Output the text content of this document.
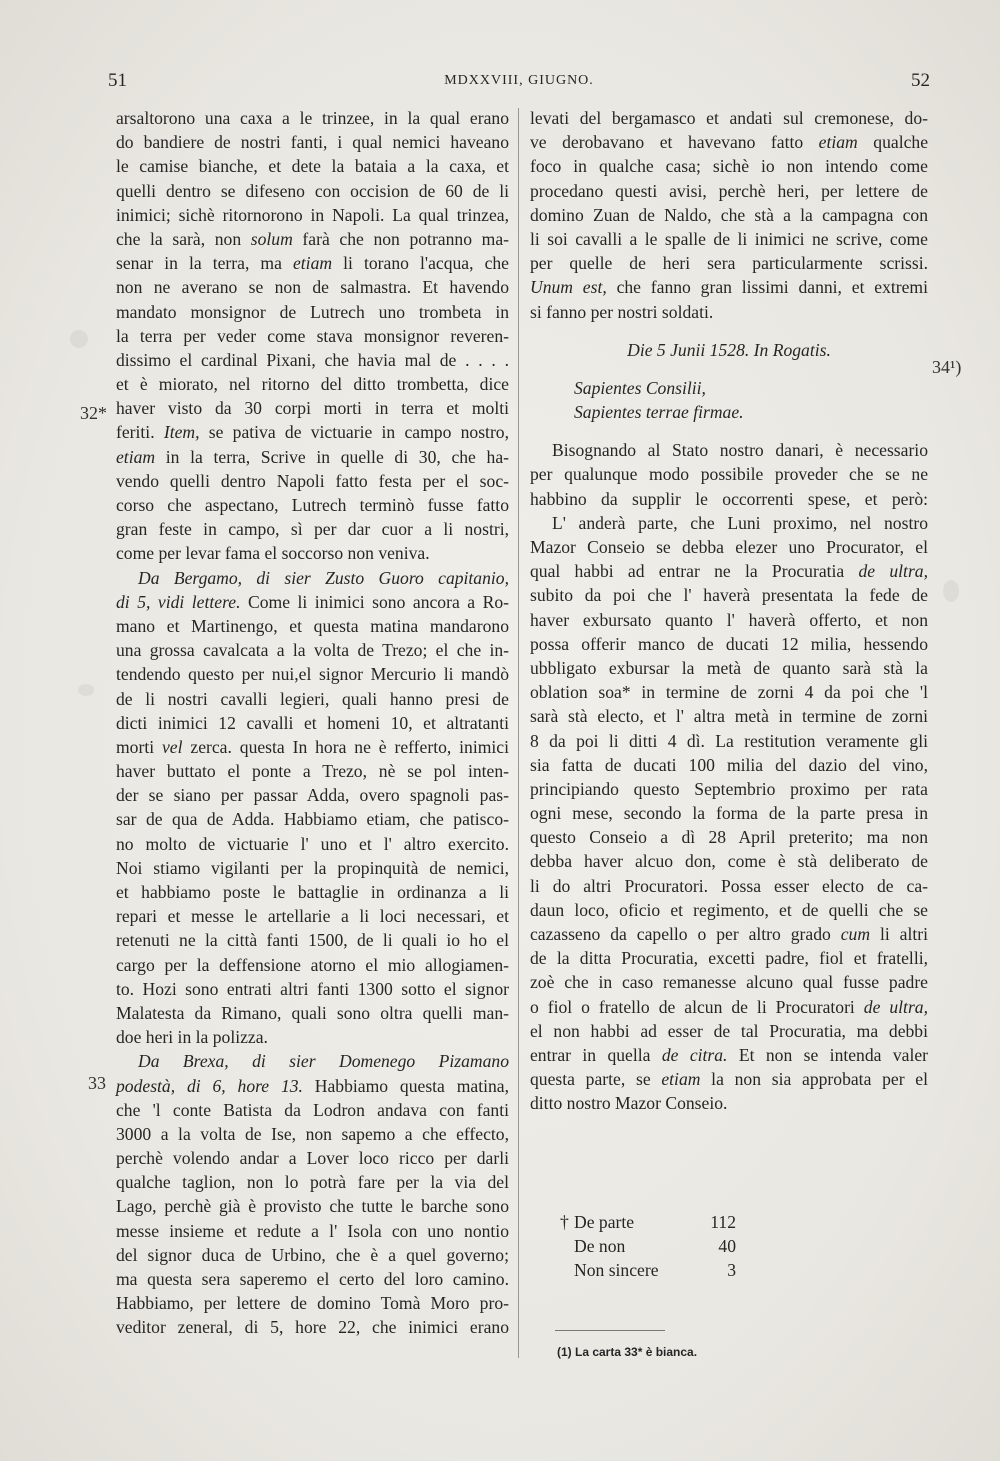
51	MDXXVIII, GIUGNO.	52
32*
33
34¹)
arsaltorono una caxa a le trinzee, in la qual erano
do bandiere de nostri fanti, i qual nemici haveano
le camise bianche, et dete la bataia a la caxa, et
quelli dentro se difeseno con occision de 60 de li
inimici; sichè ritornorono in Napoli. La qual trinzea,
che la sarà, non solum farà che non potranno ma-
senar in la terra, ma etiam li torano l'acqua, che
non ne averano se non de salmastra. Et havendo
mandato monsignor de Lutrech uno trombeta in
la terra per veder come stava monsignor reveren-
dissimo el cardinal Pixani, che havia mal de . . . .
et è miorato, nel ritorno del ditto trombetta, dice
haver visto da 30 corpi morti in terra et molti
feriti. Item, se pativa de victuarie in campo nostro,
etiam in la terra, Scrive in quelle di 30, che ha-
vendo quelli dentro Napoli fatto festa per el soc-
corso che aspectano, Lutrech terminò fusse fatto
gran feste in campo, sì per dar cuor a li nostri,
come per levar fama el soccorso non veniva.
Da Bergamo, di sier Zusto Guoro capitanio,
di 5, vidi lettere. Come li inimici sono ancora a Ro-
mano et Martinengo, et questa matina mandarono
una grossa cavalcata a la volta de Trezo; el che in-
tendendo questo per nui,el signor Mercurio li mandò
de li nostri cavalli legieri, quali hanno presi de
dicti inimici 12 cavalli et homeni 10, et altratanti
morti vel zerca. questa In hora ne è refferto, inimici
haver buttato el ponte a Trezo, nè se pol inten-
der se siano per passar Adda, overo spagnoli pas-
sar de qua de Adda. Habbiamo etiam, che patisco-
no molto de victuarie l' uno et l' altro exercito.
Noi stiamo vigilanti per la propinquità de nemici,
et habbiamo poste le battaglie in ordinanza a li
repari et messe le artellarie a li loci necessari, et
retenuti ne la città fanti 1500, de li quali io ho el
cargo per la deffensione atorno el mio allogiamen-
to. Hozi sono entrati altri fanti 1300 sotto el signor
Malatesta da Rimano, quali sono oltra quelli man-
doe heri in la polizza.
Da Brexa, di sier Domenego Pizamano
podestà, di 6, hore 13. Habbiamo questa matina,
che 'l conte Batista da Lodron andava con fanti
3000 a la volta de Ise, non sapemo a che effecto,
perchè volendo andar a Lover loco ricco per darli
qualche taglion, non lo potrà fare per la via del
Lago, perchè già è provisto che tutte le barche sono
messe insieme et redute a l' Isola con uno nontio
del signor duca de Urbino, che è a quel governo;
ma questa sera saperemo el certo del loro camino.
Habbiamo, per lettere de domino Tomà Moro pro-
veditor zeneral, di 5, hore 22, che inimici erano
levati del bergamasco et andati sul cremonese, do-
ve derobavano et havevano fatto etiam qualche
foco in qualche casa; sichè io non intendo come
procedano questi avisi, perchè heri, per lettere de
domino Zuan de Naldo, che stà a la campagna con
li soi cavalli a le spalle de li inimici ne scrive, come
per quelle de heri sera particularmente scrissi.
Unum est, che fanno gran lissimi danni, et extremi
si fanno per nostri soldati.
Die 5 Junii 1528. In Rogatis.
Sapientes Consilii,
Sapientes terrae firmae.
Bisognando al Stato nostro danari, è necessario
per qualunque modo possibile proveder che se ne
habbino da supplir le occorrenti spese, et però:
L' anderà parte, che Luni proximo, nel nostro
Mazor Conseio se debba elezer uno Procurator, el
qual habbi ad entrar ne la Procuratia de ultra,
subito da poi che l' haverà presentata la fede de
haver exbursato quanto l' haverà offerto, et non
possa offerir manco de ducati 12 milia, hessendo
ubbligato exbursar la metà de quanto sarà stà la
oblation soa* in termine de zorni 4 da poi che 'l
sarà stà electo, et l' altra metà in termine de zorni
8 da poi li ditti 4 dì. La restitution veramente gli
sia fatta de ducati 100 milia del dazio del vino,
principiando questo Septembrio proximo per rata
ogni mese, secondo la forma de la parte presa in
questo Conseio a dì 28 April preterito; ma non
debba haver alcuo don, come è stà deliberato de
li do altri Procuratori. Possa esser electo de ca-
daun loco, oficio et regimento, et de quelli che se
cazasseno da capello o per altro grado cum li altri
de la ditta Procuratia, excetti padre, fiol et fratelli,
zoè che in caso remanesse alcuno qual fusse padre
o fiol o fratello de alcun de li Procuratori de ultra,
el non habbi ad esser de tal Procuratia, ma debbi
entrar in quella de citra. Et non se intenda valer
questa parte, se etiam la non sia approbata per el
ditto nostro Mazor Conseio.
† De parte	112
De non	40
Non sincere	3
(1) La carta 33* è bianca.
